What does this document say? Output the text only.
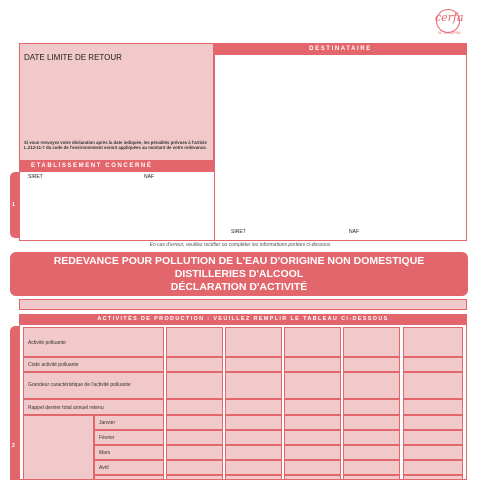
cerfa
N° 11915*06
DATE LIMITE DE RETOUR
Si vous renvoyez votre déclaration après la date indiquée, les pénalités prévues à l'article L.213-11-7 du code de l'environnement seront appliquées au montant de votre redevance.
DESTINATAIRE
SIRET	NAF
ETABLISSEMENT CONCERNÉ
1
SIRET	NAF
En cas d'erreur, veuillez rectifier ou compléter les informations portées ci-dessous
REDEVANCE POUR POLLUTION DE L'EAU D'ORIGINE NON DOMESTIQUE
DISTILLERIES D'ALCOOL
DÉCLARATION D'ACTIVITÉ
ACTIVITÉS DE PRODUCTION : VEUILLEZ REMPLIR LE TABLEAU CI-DESSOUS
2
Activité polluante
Code activité polluante
Grandeur caractéristique de l'activité polluante
Rappel dernier total annuel retenu
Janvier
Février
Mars
Avril
